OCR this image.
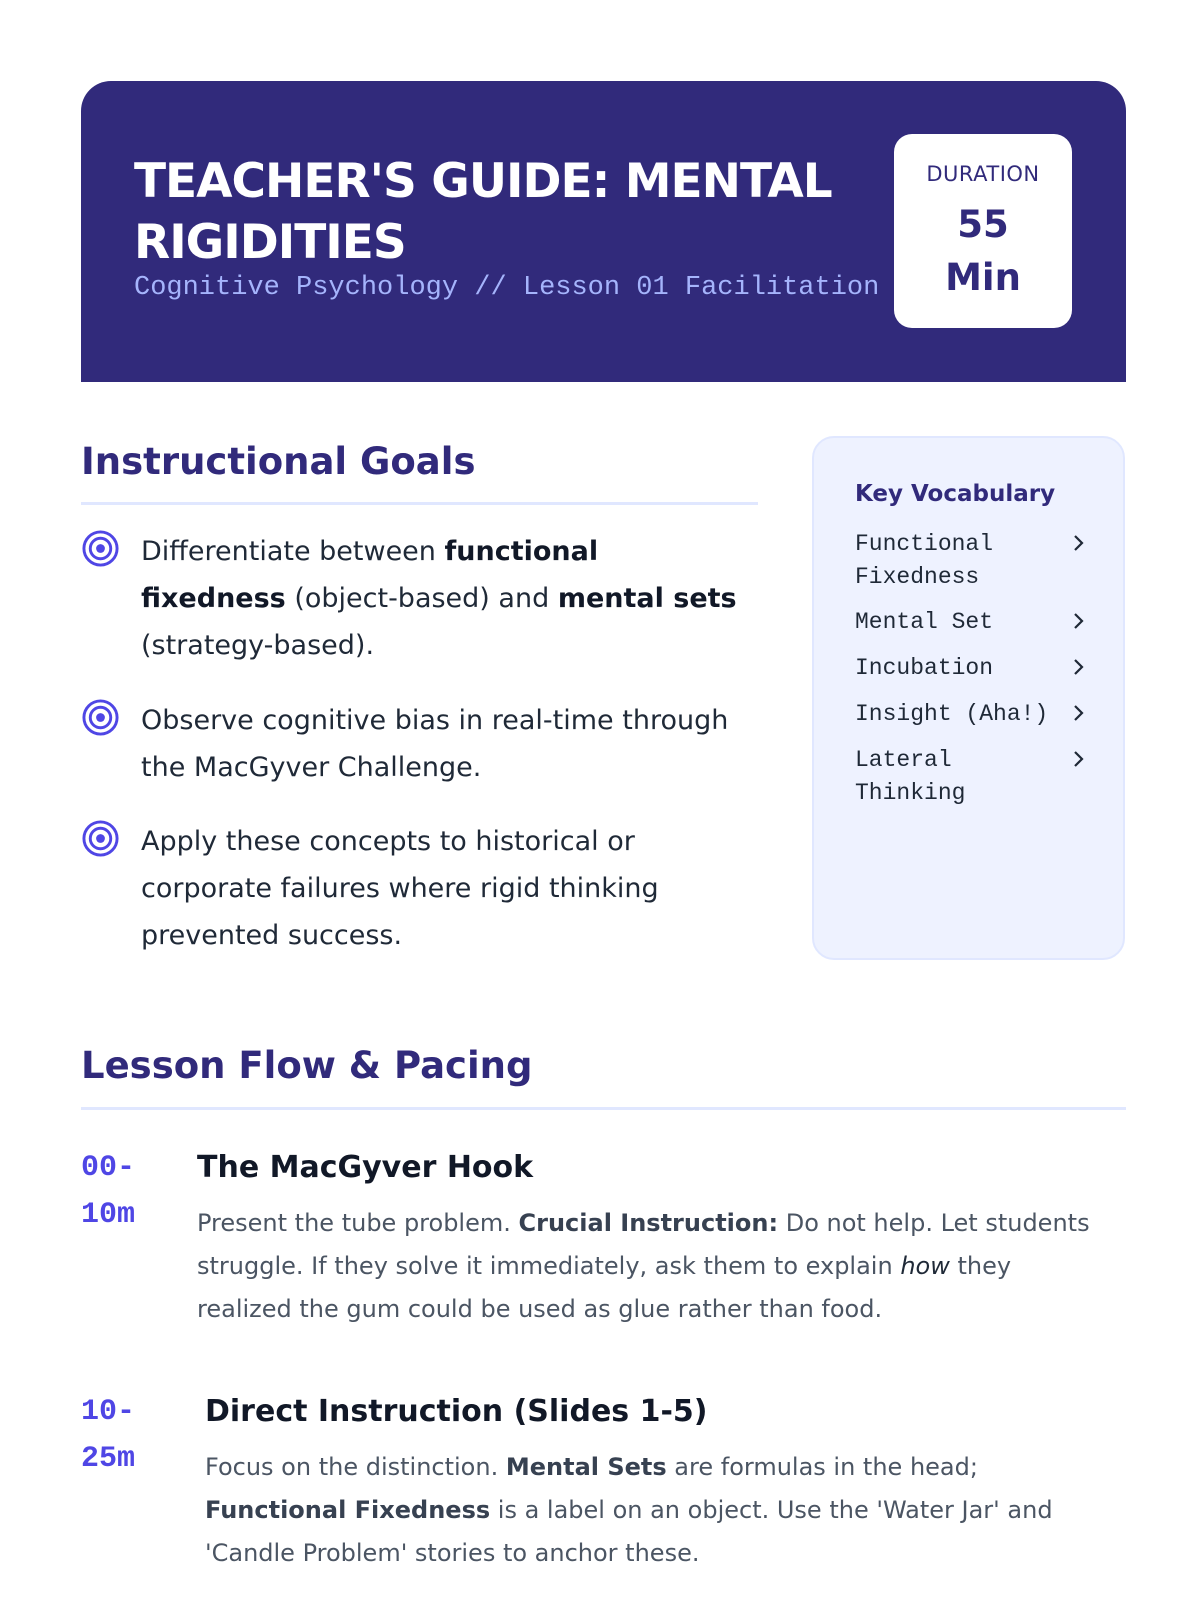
TEACHER'S GUIDE: MENTAL RIGIDITIES
Cognitive Psychology // Lesson 01 Facilitation
DURATION
55 Min
Instructional Goals
Differentiate between functional fixedness (object-based) and mental sets (strategy-based).
Observe cognitive bias in real-time through the MacGyver Challenge.
Apply these concepts to historical or corporate failures where rigid thinking prevented success.
Key Vocabulary
Functional Fixedness
Mental Set
Incubation
Insight (Aha!)
Lateral Thinking
Lesson Flow & Pacing
00-10m
The MacGyver Hook
Present the tube problem. Crucial Instruction: Do not help. Let students struggle. If they solve it immediately, ask them to explain how they realized the gum could be used as glue rather than food.
10-25m
Direct Instruction (Slides 1-5)
Focus on the distinction. Mental Sets are formulas in the head; Functional Fixedness is a label on an object. Use the 'Water Jar' and 'Candle Problem' stories to anchor these.
